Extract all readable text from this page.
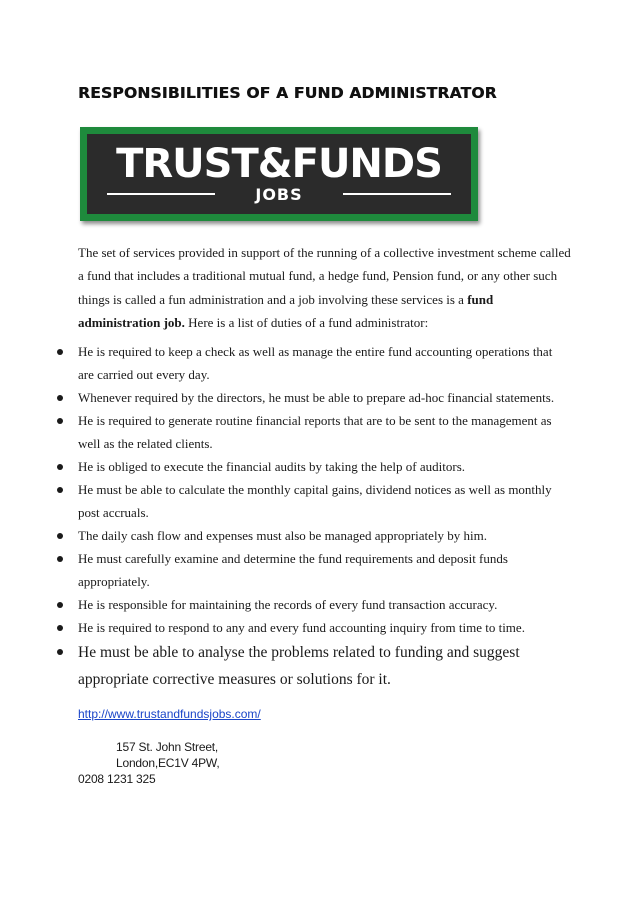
RESPONSIBILITIES OF A FUND ADMINISTRATOR
TRUST&FUNDS
JOBS

The set of services provided in support of the running of a collective investment scheme called a fund that includes a traditional mutual fund, a hedge fund, Pension fund, or any other such things is called a fun administration and a job involving these services is a fund administration job. Here is a list of duties of a fund administrator:

He is required to keep a check as well as manage the entire fund accounting operations that are carried out every day.
Whenever required by the directors, he must be able to prepare ad-hoc financial statements.
He is required to generate routine financial reports that are to be sent to the management as well as the related clients.
He is obliged to execute the financial audits by taking the help of auditors.
He must be able to calculate the monthly capital gains, dividend notices as well as monthly post accruals.
The daily cash flow and expenses must also be managed appropriately by him.
He must carefully examine and determine the fund requirements and deposit funds appropriately.
He is responsible for maintaining the records of every fund transaction accuracy.
He is required to respond to any and every fund accounting inquiry from time to time.
He must be able to analyse the problems related to funding and suggest appropriate corrective measures or solutions for it.
http://www.trustandfundsjobs.com/
157 St. John Street,
London,EC1V 4PW,
0208 1231 325
